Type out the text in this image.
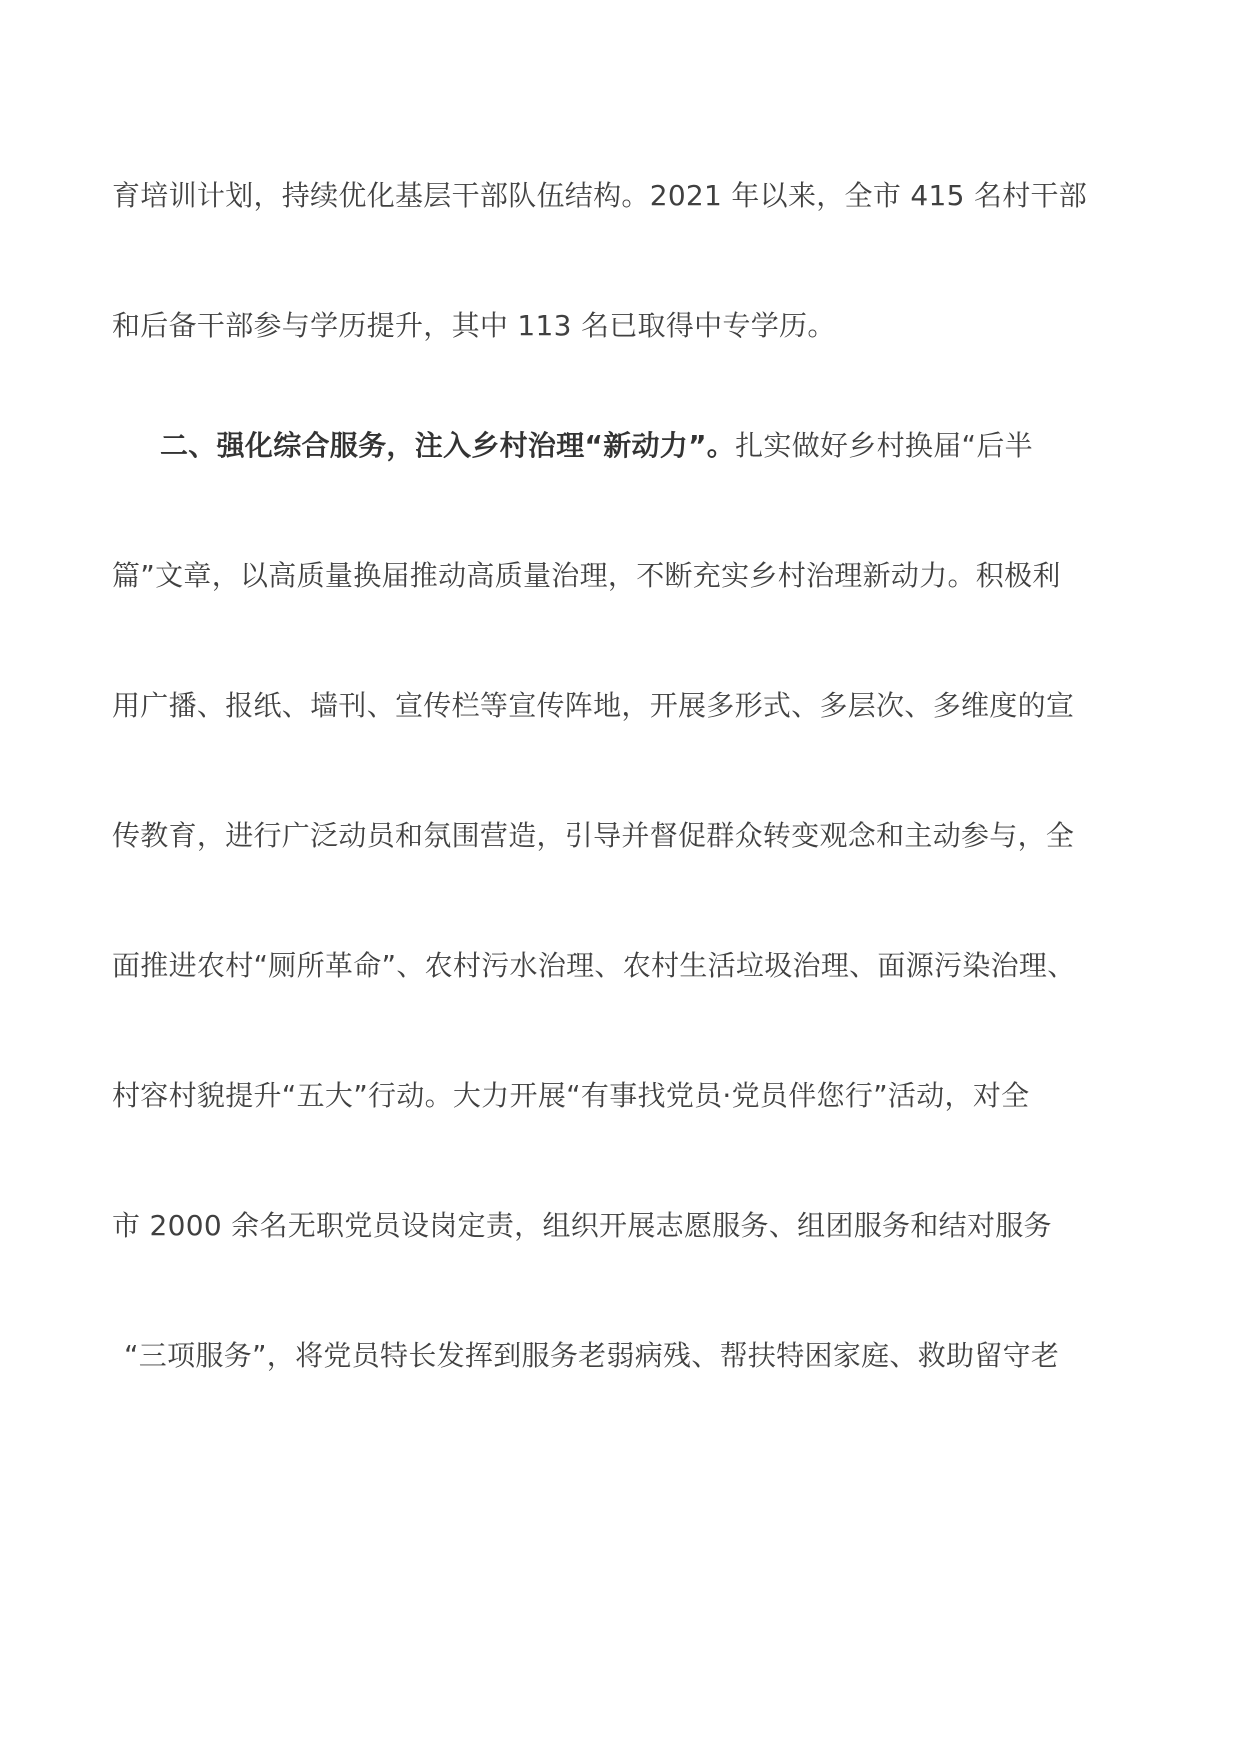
育培训计划，持续优化基层干部队伍结构。2021 年以来，全市 415 名村干部
和后备干部参与学历提升，其中 113 名已取得中专学历。
二、强化综合服务，注入乡村治理“新动力”。扎实做好乡村换届“后半
篇”文章，以高质量换届推动高质量治理，不断充实乡村治理新动力。积极利
用广播、报纸、墙刊、宣传栏等宣传阵地，开展多形式、多层次、多维度的宣
传教育，进行广泛动员和氛围营造，引导并督促群众转变观念和主动参与，全
面推进农村“厕所革命”、农村污水治理、农村生活垃圾治理、面源污染治理、
村容村貌提升“五大”行动。大力开展“有事找党员·党员伴您行”活动，对全
市 2000 余名无职党员设岗定责，组织开展志愿服务、组团服务和结对服务
“三项服务”，将党员特长发挥到服务老弱病残、帮扶特困家庭、救助留守老
